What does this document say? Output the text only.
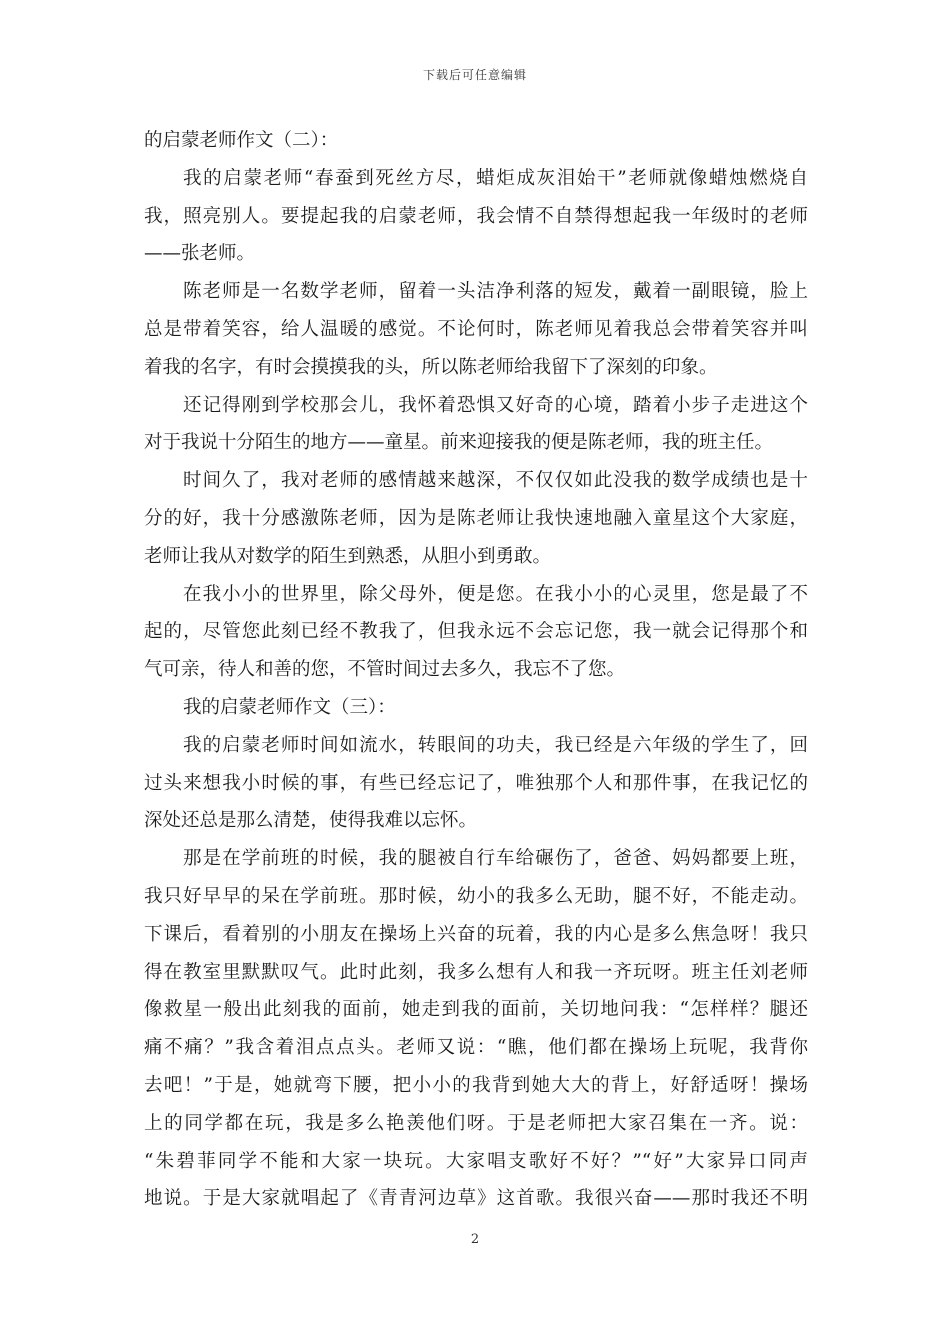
下载后可任意编辑
的启蒙老师作文（二）：
我的启蒙老师“春蚕到死丝方尽，蜡炬成灰泪始干”老师就像蜡烛燃烧自
我，照亮别人。要提起我的启蒙老师，我会情不自禁得想起我一年级时的老师
——张老师。
陈老师是一名数学老师，留着一头洁净利落的短发，戴着一副眼镜，脸上
总是带着笑容，给人温暖的感觉。不论何时，陈老师见着我总会带着笑容并叫
着我的名字，有时会摸摸我的头，所以陈老师给我留下了深刻的印象。
还记得刚到学校那会儿，我怀着恐惧又好奇的心境，踏着小步子走进这个
对于我说十分陌生的地方——童星。前来迎接我的便是陈老师，我的班主任。
时间久了，我对老师的感情越来越深，不仅仅如此没我的数学成绩也是十
分的好，我十分感激陈老师，因为是陈老师让我快速地融入童星这个大家庭，
老师让我从对数学的陌生到熟悉，从胆小到勇敢。
在我小小的世界里，除父母外，便是您。在我小小的心灵里，您是最了不
起的，尽管您此刻已经不教我了，但我永远不会忘记您，我一就会记得那个和
气可亲，待人和善的您，不管时间过去多久，我忘不了您。
我的启蒙老师作文（三）：
我的启蒙老师时间如流水，转眼间的功夫，我已经是六年级的学生了，回
过头来想我小时候的事，有些已经忘记了，唯独那个人和那件事，在我记忆的
深处还总是那么清楚，使得我难以忘怀。
那是在学前班的时候，我的腿被自行车给碾伤了，爸爸、妈妈都要上班，
我只好早早的呆在学前班。那时候，幼小的我多么无助，腿不好，不能走动。
下课后，看着别的小朋友在操场上兴奋的玩着，我的内心是多么焦急呀！我只
得在教室里默默叹气。此时此刻，我多么想有人和我一齐玩呀。班主任刘老师
像救星一般出此刻我的面前，她走到我的面前，关切地问我：“怎样样？腿还
痛不痛？”我含着泪点点头。老师又说：“瞧，他们都在操场上玩呢，我背你
去吧！”于是，她就弯下腰，把小小的我背到她大大的背上，好舒适呀！操场
上的同学都在玩，我是多么艳羡他们呀。于是老师把大家召集在一齐。说：
“朱碧菲同学不能和大家一块玩。大家唱支歌好不好？”“好”大家异口同声
地说。于是大家就唱起了《青青河边草》这首歌。我很兴奋——那时我还不明
2
